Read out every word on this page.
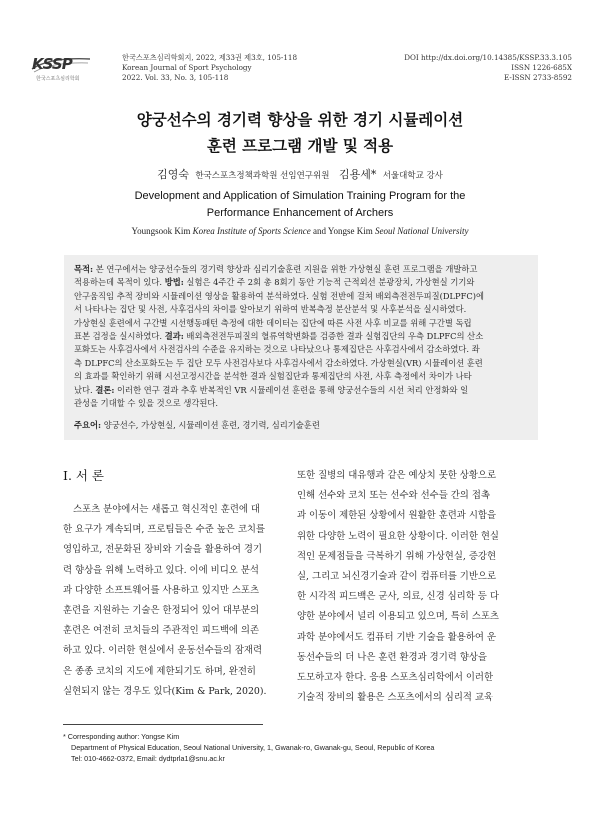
KSSP
한국스포츠심리학회
한국스포츠심리학회지, 2022, 제33권 제3호, 105-118
Korean Journal of Sport Psychology
2022. Vol. 33, No. 3, 105-118
DOI http://dx.doi.org/10.14385/KSSP.33.3.105
ISSN 1226-685X
E-ISSN 2733-8592
양궁선수의 경기력 향상을 위한 경기 시뮬레이션
훈련 프로그램 개발 및 적용
김영숙 한국스포츠정책과학원 선임연구위원 김용세* 서울대학교 강사
Development and Application of Simulation Training Program for the
Performance Enhancement of Archers
Youngsook Kim Korea Institute of Sports Science and Yongse Kim Seoul National University
목적: 본 연구에서는 양궁선수들의 경기력 향상과 심리기술훈련 지원을 위한 가상현실 훈련 프로그램을 개발하고
적용하는데 목적이 있다. 방법: 실험은 4주간 주 2회 총 8회기 동안 기능적 근적외선 분광장치, 가상현실 기기와
안구움직임 추적 장비와 시뮬레이션 영상을 활용하여 분석하였다. 실험 전반에 걸쳐 배외측전전두피질(DLPFC)에
서 나타나는 집단 및 사전, 사후검사의 차이를 알아보기 위하여 반복측정 분산분석 및 사후분석을 실시하였다.
가상현실 훈련에서 구간별 시선행동패턴 측정에 대한 데이터는 집단에 따른 사전 사후 비교를 위해 구간별 독립
표본 검정을 실시하였다. 결과: 배외측전전두피질의 혈류역학변화를 검증한 결과 실험집단의 우측 DLPFC의 산소
포화도는 사후검사에서 사전검사의 수준을 유지하는 것으로 나타났으나 통제집단은 사후검사에서 감소하였다. 좌
측 DLPFC의 산소포화도는 두 집단 모두 사전검사보다 사후검사에서 감소하였다. 가상현실(VR) 시뮬레이션 훈련
의 효과를 확인하기 위해 시선고정시간을 분석한 결과 실험집단과 통제집단의 사전, 사후 측정에서 차이가 나타
났다. 결론: 이러한 연구 결과 추후 반복적인 VR 시뮬레이션 훈련을 통해 양궁선수들의 시선 처리 안정화와 일
관성을 기대할 수 있을 것으로 생각된다.
주요어: 양궁선수, 가상현실, 시뮬레이션 훈련, 경기력, 심리기술훈련
I. 서 론
스포츠 분야에서는 새롭고 혁신적인 훈련에 대
한 요구가 계속되며, 프로팀들은 수준 높은 코치를
영입하고, 전문화된 장비와 기술을 활용하여 경기
력 향상을 위해 노력하고 있다. 이에 비디오 분석
과 다양한 소프트웨어를 사용하고 있지만 스포츠
훈련을 지원하는 기술은 한정되어 있어 대부분의
훈련은 여전히 코치들의 주관적인 피드백에 의존
하고 있다. 이러한 현실에서 운동선수들의 잠재력
은 종종 코치의 지도에 제한되기도 하며, 완전히
실현되지 않는 경우도 있다(Kim & Park, 2020).
또한 질병의 대유행과 같은 예상치 못한 상황으로
인해 선수와 코치 또는 선수와 선수들 간의 접촉
과 이동이 제한된 상황에서 원활한 훈련과 시합을
위한 다양한 노력이 필요한 상황이다. 이러한 현실
적인 문제점들을 극복하기 위해 가상현실, 증강현
실, 그리고 뇌신경기술과 같이 컴퓨터를 기반으로
한 시각적 피드백은 군사, 의료, 신경 심리학 등 다
양한 분야에서 널리 이용되고 있으며, 특히 스포츠
과학 분야에서도 컴퓨터 기반 기술을 활용하여 운
동선수들의 더 나은 훈련 환경과 경기력 향상을
도모하고자 한다. 응용 스포츠심리학에서 이러한
기술적 장비의 활용은 스포츠에서의 심리적 교육
* Corresponding author: Yongse Kim
Department of Physical Education, Seoul National University, 1, Gwanak-ro, Gwanak-gu, Seoul, Republic of Korea
Tel: 010-4662-0372, Email: dydtprla1@snu.ac.kr
